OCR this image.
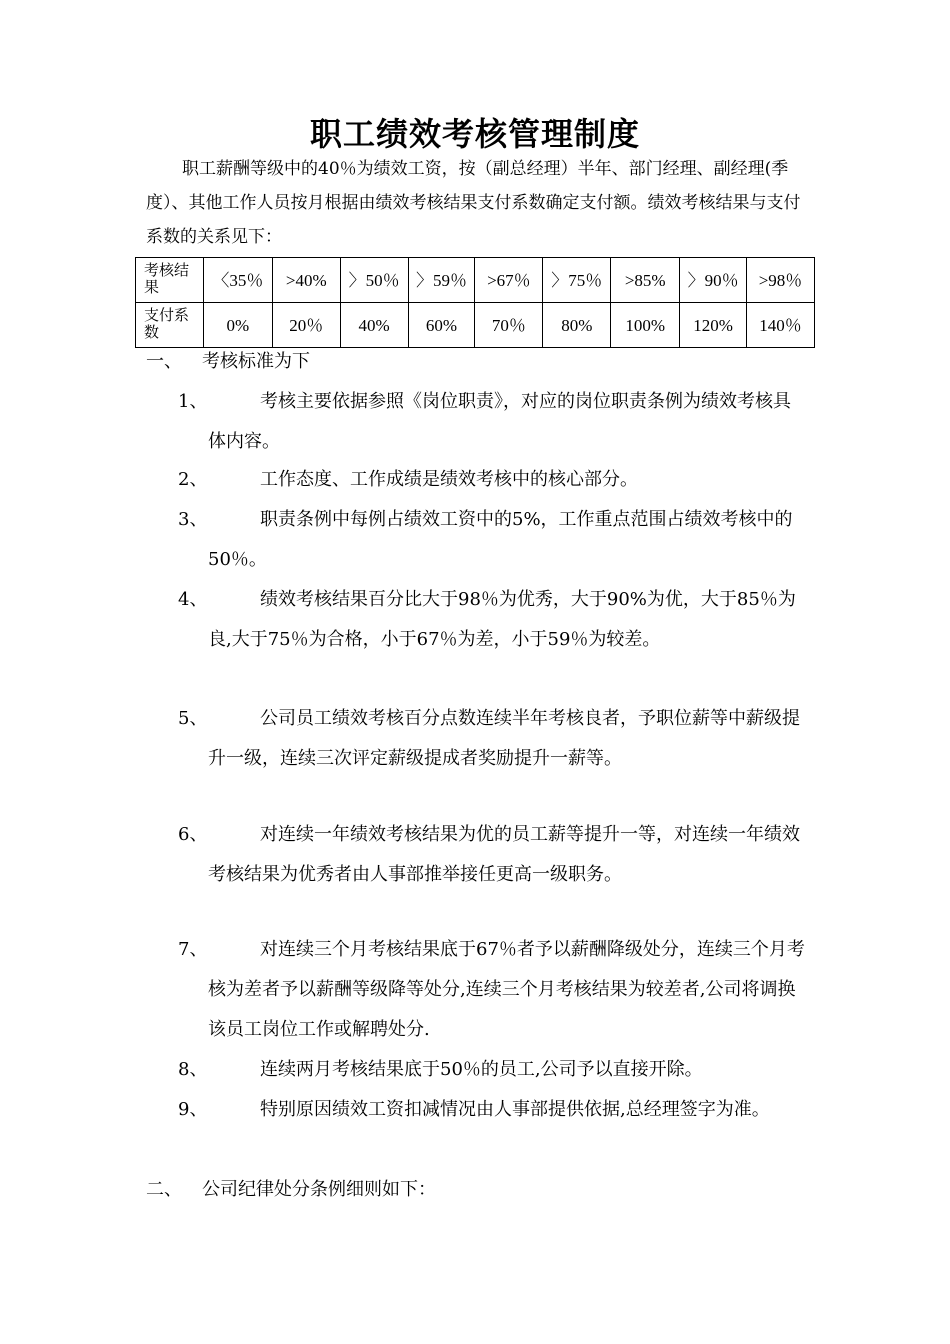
职工绩效考核管理制度
职工薪酬等级中的40％为绩效工资，按（副总经理）半年、部门经理、副经理(季度）、其他工作人员按月根据由绩效考核结果支付系数确定支付额。绩效考核结果与支付系数的关系见下：
考核结果	〈35％	>40%	〉50％	〉59％	>67％	〉75％	>85%	〉90％	>98％
支付系数	0%	20％	40%	60%	70％	80%	100%	120%	140％
一、 考核标准为下
1、	考核主要依据参照《岗位职责》，对应的岗位职责条例为绩效考核具体内容。
2、	工作态度、工作成绩是绩效考核中的核心部分。
3、	职责条例中每例占绩效工资中的5%，工作重点范围占绩效考核中的50％。
4、	绩效考核结果百分比大于98％为优秀，大于90%为优，大于85％为良,大于75％为合格，小于67％为差，小于59％为较差。
5、	公司员工绩效考核百分点数连续半年考核良者，予职位薪等中薪级提升一级，连续三次评定薪级提成者奖励提升一薪等。
6、	对连续一年绩效考核结果为优的员工薪等提升一等，对连续一年绩效考核结果为优秀者由人事部推举接任更高一级职务。
7、	对连续三个月考核结果底于67％者予以薪酬降级处分，连续三个月考核为差者予以薪酬等级降等处分,连续三个月考核结果为较差者,公司将调换该员工岗位工作或解聘处分.
8、	连续两月考核结果底于50％的员工,公司予以直接开除。
9、	特别原因绩效工资扣减情况由人事部提供依据,总经理签字为准。
二、 公司纪律处分条例细则如下：
